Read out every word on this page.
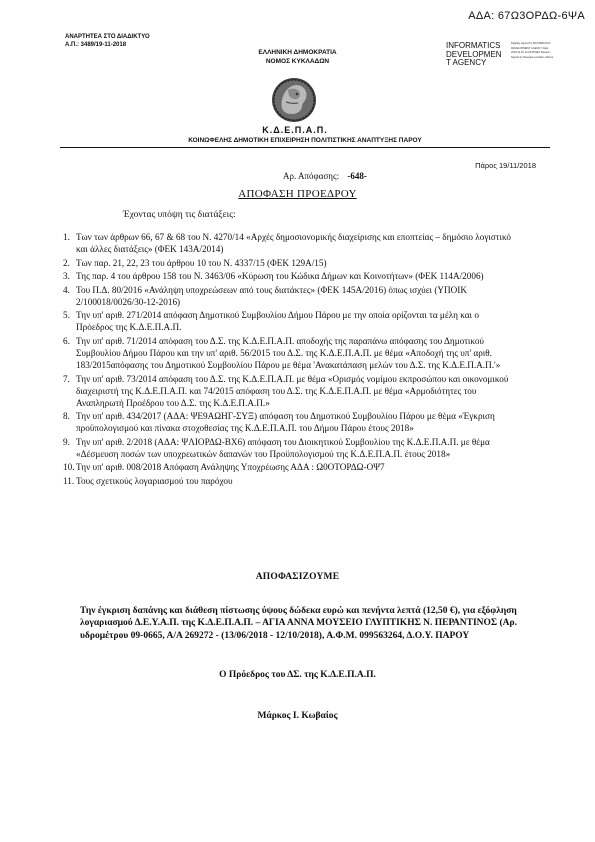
ΑΔΑ: 67Ω3ΟΡΔΩ-6ΨΑ
ΑΝΑΡΤΗΤΕΑ ΣΤΟ ΔΙΑΔΙΚΤΥΟ
Α.Π.: 3489/19-11-2018
ΕΛΛΗΝΙΚΗ ΔΗΜΟΚΡΑΤΙΑ
ΝΟΜΟΣ ΚΥΚΛΑΔΩΝ
Κ.Δ.Ε.Π.Α.Π.
INFORMATICS
DEVELOPMEN
T AGENCY
Digitally signed by INFORMATICS DEVELOPMENT AGENCY Date: 2018.11.20 14:23:08 EET Reason: Signed by Diavgeia Location: Athens
ΚΟΙΝΩΦΕΛΗΣ ΔΗΜΟΤΙΚΗ ΕΠΙΧΕΙΡΗΣΗ ΠΟΛΙΤΙΣΤΙΚΗΣ ΑΝΑΠΤΥΞΗΣ ΠΑΡΟΥ
Πάρος 19/11/2018
Αρ. Απόφασης: -648-
ΑΠΟΦΑΣΗ ΠΡΟΕΔΡΟΥ
Έχοντας υπόψη τις διατάξεις:
1. Των των άρθρων 66, 67 & 68 του Ν. 4270/14 «Αρχές δημοσιονομικής διαχείρισης και εποπτείας – δημόσιο λογιστικό και άλλες διατάξεις» (ΦΕΚ 143Α/2014)
2. Των παρ. 21, 22, 23 του άρθρου 10 του Ν. 4337/15 (ΦΕΚ 129Α/15)
3. Της παρ. 4 του άρθρου 158 του Ν. 3463/06 «Κύρωση του Κώδικα Δήμων και Κοινοτήτων» (ΦΕΚ 114Α/2006)
4. Του Π.Δ. 80/2016 «Ανάληψη υποχρεώσεων από τους διατάκτες» (ΦΕΚ 145Α/2016) όπως ισχύει (ΥΠΟΙΚ 2/100018/0026/30-12-2016)
5. Την υπ' αριθ. 271/2014 απόφαση Δημοτικού Συμβουλίου Δήμου Πάρου με την οποία ορίζονται τα μέλη και ο Πρόεδρος της Κ.Δ.Ε.Π.Α.Π.
6. Την υπ' αριθ. 71/2014 απόφαση του Δ.Σ. της Κ.Δ.Ε.Π.Α.Π. αποδοχής της παραπάνω απόφασης του Δημοτικού Συμβουλίου Δήμου Πάρου και την υπ' αριθ. 56/2015 του Δ.Σ. της Κ.Δ.Ε.Π.Α.Π. με θέμα «Αποδοχή της υπ' αριθ. 183/2015απόφασης του Δημοτικού Συμβουλίου Πάρου με θέμα 'Ανακατάπαση μελών του Δ.Σ. της Κ.Δ.Ε.Π.Α.Π.'»
7. Την υπ' αριθ. 73/2014 απόφαση του Δ.Σ. της Κ.Δ.Ε.Π.Α.Π. με θέμα «Ορισμός νομίμου εκπροσώπου και οικονομικού διαχειριστή της Κ.Δ.Ε.Π.Α.Π. και 74/2015 απόφαση του Δ.Σ. της Κ.Δ.Ε.Π.Α.Π. με θέμα «Αρμοδιότητες του Αναπληρωτή Προέδρου του Δ.Σ. της Κ.Δ.Ε.Π.Α.Π.»
8. Την υπ' αριθ. 434/2017 (ΑΔΑ: ΨΕ9ΑΩΗΓ-ΣΥΞ) απόφαση του Δημοτικού Συμβουλίου Πάρου με θέμα «Έγκριση προϋπολογισμού και πίνακα στοχοθεσίας της Κ.Δ.Ε.Π.Α.Π. του Δήμου Πάρου έτους 2018»
9. Την υπ' αριθ. 2/2018 (ΑΔΑ: ΨΛΙΟΡΔΩ-ΒΧ6) απόφαση του Διοικητικού Συμβουλίου της Κ.Δ.Ε.Π.Α.Π. με θέμα «Δέσμευση ποσών των υποχρεωτικών δαπανών του Προϋπολογισμού της Κ.Δ.Ε.Π.Α.Π. έτους 2018»
10. Την υπ' αριθ. 008/2018 Απόφαση Ανάληψης Υποχρέωσης ΑΔΑ : Ω0ΟΤΟΡΔΩ-ΟΨ7
11. Τους σχετικούς λογαριασμού του παρόχου
ΑΠΟΦΑΣΙΖΟΥΜΕ
Την έγκριση δαπάνης και διάθεση πίστωσης ύψους δώδεκα ευρώ και πενήντα λεπτά (12,50 €), για εξόφληση λογαριασμού Δ.Ε.Υ.Α.Π. της Κ.Δ.Ε.Π.Α.Π. – ΑΓΙΑ ΑΝΝΑ ΜΟΥΣΕΙΟ ΓΛΥΠΤΙΚΗΣ Ν. ΠΕΡΑΝΤΙΝΟΣ (Αρ. υδρομέτρου 09-0665, Α/Α 269272 - (13/06/2018 - 12/10/2018), Α.Φ.Μ. 099563264, Δ.Ο.Υ. ΠΑΡΟΥ
Ο Πρόεδρος του ΔΣ. της Κ.Δ.Ε.Π.Α.Π.
Μάρκος Ι. Κωβαίος
